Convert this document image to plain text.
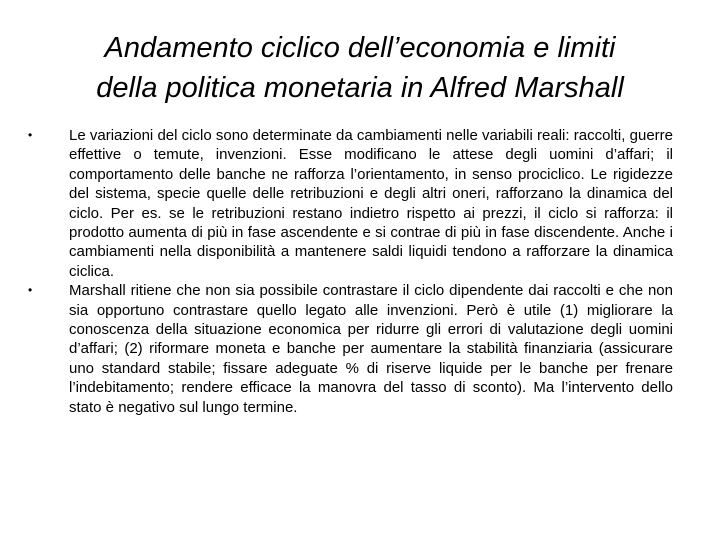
Andamento ciclico dell’economia e limiti
della politica monetaria in Alfred Marshall
• Le variazioni del ciclo sono determinate da cambiamenti nelle variabili reali: raccolti, guerre effettive o temute, invenzioni. Esse modificano le attese degli uomini d’affari; il comportamento delle banche ne rafforza l’orientamento, in senso prociclico. Le rigidezze del sistema, specie quelle delle retribuzioni e degli altri oneri, rafforzano la dinamica del ciclo. Per es. se le retribuzioni restano indietro rispetto ai prezzi, il ciclo si rafforza: il prodotto aumenta di più in fase ascendente e si contrae di più in fase discendente. Anche i cambiamenti nella disponibilità a mantenere saldi liquidi tendono a rafforzare la dinamica ciclica.
• Marshall ritiene che non sia possibile contrastare il ciclo dipendente dai raccolti e che non sia opportuno contrastare quello legato alle invenzioni. Però è utile (1) migliorare la conoscenza della situazione economica per ridurre gli errori di valutazione degli uomini d’affari; (2) riformare moneta e banche per aumentare la stabilità finanziaria (assicurare uno standard stabile; fissare adeguate % di riserve liquide per le banche per frenare l’indebitamento; rendere efficace la manovra del tasso di sconto). Ma l’intervento dello stato è negativo sul lungo termine.
